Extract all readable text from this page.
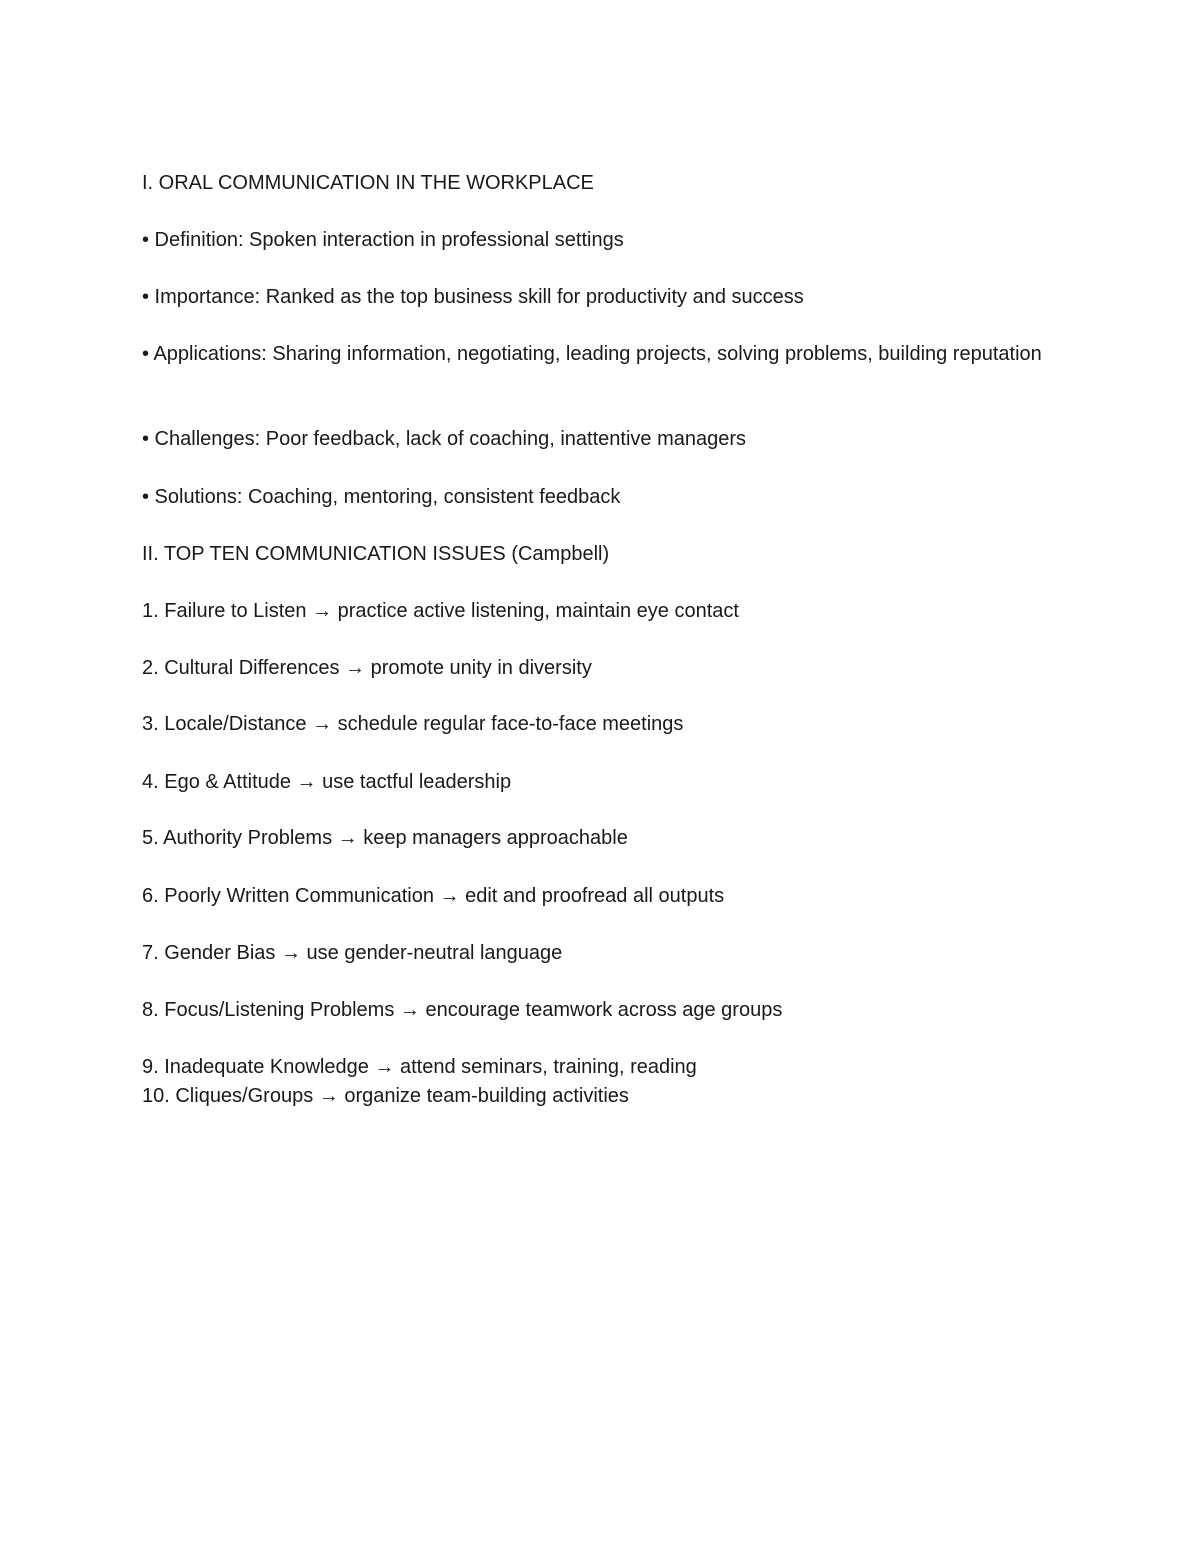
I. ORAL COMMUNICATION IN THE WORKPLACE

• Definition: Spoken interaction in professional settings

• Importance: Ranked as the top business skill for productivity and success

• Applications: Sharing information, negotiating, leading projects, solving problems, building reputation

• Challenges: Poor feedback, lack of coaching, inattentive managers

• Solutions: Coaching, mentoring, consistent feedback

II. TOP TEN COMMUNICATION ISSUES (Campbell)

1. Failure to Listen → practice active listening, maintain eye contact

2. Cultural Differences → promote unity in diversity

3. Locale/Distance → schedule regular face-to-face meetings

4. Ego & Attitude → use tactful leadership

5. Authority Problems → keep managers approachable

6. Poorly Written Communication → edit and proofread all outputs

7. Gender Bias → use gender-neutral language

8. Focus/Listening Problems → encourage teamwork across age groups

9. Inadequate Knowledge → attend seminars, training, reading

10. Cliques/Groups → organize team-building activities
